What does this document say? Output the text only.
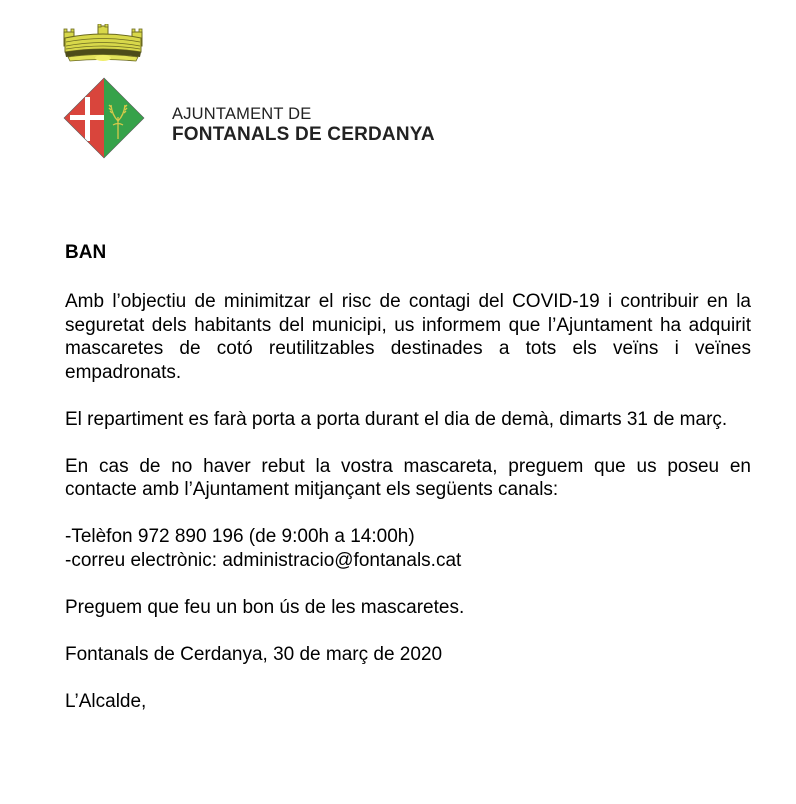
AJUNTAMENT DE
FONTANALS DE CERDANYA
BAN

Amb l’objectiu de minimitzar el risc de contagi del COVID-19 i contribuir en la seguretat dels habitants del municipi, us informem que l’Ajuntament ha adquirit mascaretes de cotó reutilitzables destinades a tots els veïns i veïnes empadronats.

El repartiment es farà porta a porta durant el dia de demà, dimarts 31 de març.

En cas de no haver rebut la vostra mascareta, preguem que us poseu en contacte amb l’Ajuntament mitjançant els següents canals:

-Telèfon 972 890 196 (de 9:00h a 14:00h)
-correu electrònic: administracio@fontanals.cat

Preguem que feu un bon ús de les mascaretes.

Fontanals de Cerdanya, 30 de març de 2020

L’Alcalde,
